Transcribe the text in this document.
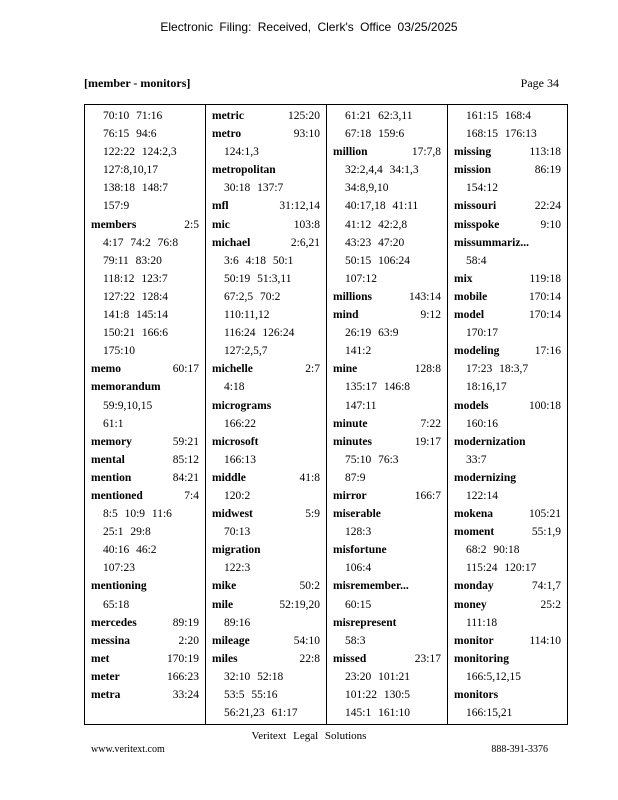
Electronic Filing: Received, Clerk's Office 03/25/2025
[member - monitors]	Page 34
70:10 71:16
76:15 94:6
122:22 124:2,3
127:8,10,17
138:18 148:7
157:9
members	2:5
4:17 74:2 76:8
79:11 83:20
118:12 123:7
127:22 128:4
141:8 145:14
150:21 166:6
175:10
memo	60:17
memorandum
59:9,10,15
61:1
memory	59:21
mental	85:12
mention	84:21
mentioned	7:4
8:5 10:9 11:6
25:1 29:8
40:16 46:2
107:23
mentioning
65:18
mercedes	89:19
messina	2:20
met	170:19
meter	166:23
metra	33:24
metric	125:20
metro	93:10
124:1,3
metropolitan
30:18 137:7
mfl	31:12,14
mic	103:8
michael	2:6,21
3:6 4:18 50:1
50:19 51:3,11
67:2,5 70:2
110:11,12
116:24 126:24
127:2,5,7
michelle	2:7
4:18
micrograms
166:22
microsoft
166:13
middle	41:8
120:2
midwest	5:9
70:13
migration
122:3
mike	50:2
mile	52:19,20
89:16
mileage	54:10
miles	22:8
32:10 52:18
53:5 55:16
56:21,23 61:17
61:21 62:3,11
67:18 159:6
million	17:7,8
32:2,4,4 34:1,3
34:8,9,10
40:17,18 41:11
41:12 42:2,8
43:23 47:20
50:15 106:24
107:12
millions	143:14
mind	9:12
26:19 63:9
141:2
mine	128:8
135:17 146:8
147:11
minute	7:22
minutes	19:17
75:10 76:3
87:9
mirror	166:7
miserable
128:3
misfortune
106:4
misremember...
60:15
misrepresent
58:3
missed	23:17
23:20 101:21
101:22 130:5
145:1 161:10
161:15 168:4
168:15 176:13
missing	113:18
mission	86:19
154:12
missouri	22:24
misspoke	9:10
missummariz...
58:4
mix	119:18
mobile	170:14
model	170:14
170:17
modeling	17:16
17:23 18:3,7
18:16,17
models	100:18
160:16
modernization
33:7
modernizing
122:14
mokena	105:21
moment	55:1,9
68:2 90:18
115:24 120:17
monday	74:1,7
money	25:2
111:18
monitor	114:10
monitoring
166:5,12,15
monitors
166:15,21
Veritext Legal Solutions
www.veritext.com	888-391-3376
